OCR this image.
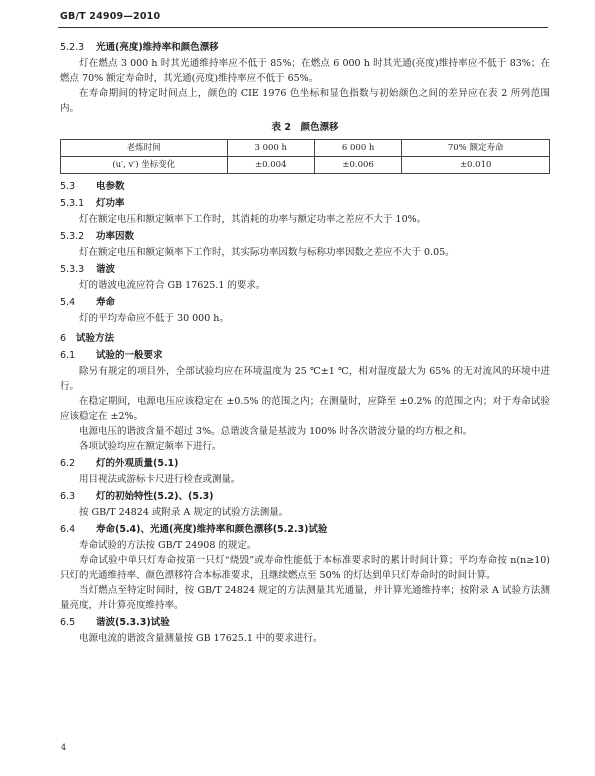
GB/T 24909—2010
5.2.3 光通(亮度)维持率和颜色漂移

灯在燃点 3 000 h 时其光通维持率应不低于 85%；在燃点 6 000 h 时其光通(亮度)维持率应不低于 83%；在燃点 70% 额定寿命时，其光通(亮度)维持率应不低于 65%。

在寿命期间的特定时间点上，颜色的 CIE 1976 色坐标和显色指数与初始颜色之间的差异应在表 2 所列范围内。

表 2　颜色漂移
老炼时间	3 000 h	6 000 h	70% 额定寿命
(u′, v′) 坐标变化	±0.004	±0.006	±0.010
5.3 电参数
5.3.1 灯功率

灯在额定电压和额定频率下工作时，其消耗的功率与额定功率之差应不大于 10%。

5.3.2 功率因数

灯在额定电压和额定频率下工作时，其实际功率因数与标称功率因数之差应不大于 0.05。

5.3.3 谐波

灯的谐波电流应符合 GB 17625.1 的要求。

5.4 寿命

灯的平均寿命应不低于 30 000 h。

6 试验方法
6.1 试验的一般要求

除另有规定的项目外，全部试验均应在环境温度为 25 ℃±1 ℃，相对湿度最大为 65% 的无对流风的环境中进行。

在稳定期间，电源电压应该稳定在 ±0.5% 的范围之内；在测量时，应降至 ±0.2% 的范围之内；对于寿命试验应该稳定在 ±2%。

电源电压的谐波含量不超过 3%。总谐波含量是基波为 100% 时各次谐波分量的均方根之和。

各项试验均应在额定频率下进行。

6.2 灯的外观质量(5.1)

用目视法或游标卡尺进行检查或测量。

6.3 灯的初始特性(5.2)、(5.3)

按 GB/T 24824 或附录 A 规定的试验方法测量。

6.4 寿命(5.4)、光通(亮度)维持率和颜色漂移(5.2.3)试验

寿命试验的方法按 GB/T 24908 的规定。

寿命试验中单只灯寿命按第一只灯“烧毁”或寿命性能低于本标准要求时的累计时间计算；平均寿命按 n(n≥10) 只灯的光通维持率、颜色漂移符合本标准要求，且继续燃点至 50% 的灯达到单只灯寿命时的时间计算。

当灯燃点至特定时间时，按 GB/T 24824 规定的方法测量其光通量，并计算光通维持率；按附录 A 试验方法测量亮度，并计算亮度维持率。

6.5 谐波(5.3.3)试验

电源电流的谐波含量测量按 GB 17625.1 中的要求进行。

4
